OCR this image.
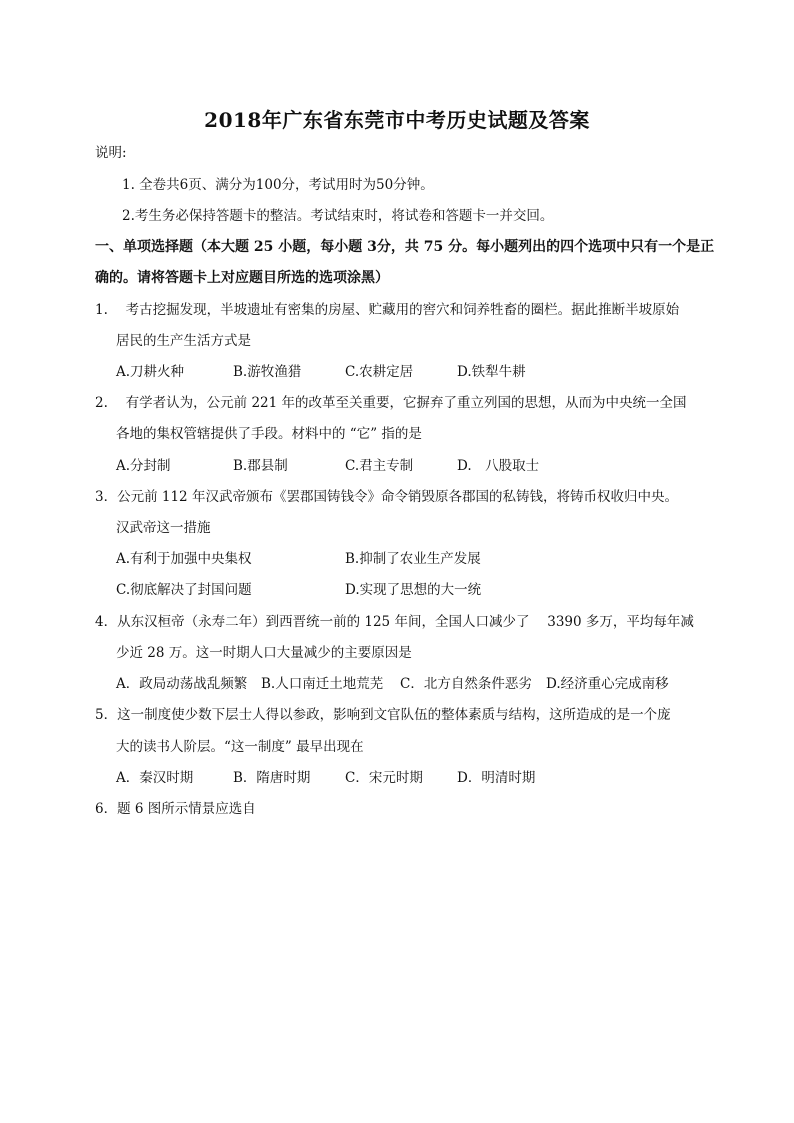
2018年广东省东莞市中考历史试题及答案
说明:
1. 全卷共6页、满分为100分，考试用时为50分钟。
2.考生务必保持答题卡的整洁。考试结束时，将试卷和答题卡一并交回。
一、单项选择题（本大题 25 小题，每小题 3分，共 75 分。每小题列出的四个选项中只有一个是正
确的。请将答题卡上对应题目所选的选项涂黑）
1.　 考古挖掘发现，半坡遗址有密集的房屋、贮藏用的窖穴和饲养牲畜的圈栏。据此推断半坡原始
居民的生产生活方式是
A.刀耕火种	B.游牧渔猎	C.农耕定居	D.铁犁牛耕
2.　 有学者认为，公元前 221 年的改革至关重要，它摒弃了重立列国的思想，从而为中央统一全国
各地的集权管辖提供了手段。材料中的 “它” 指的是
A.分封制	B.郡县制	C.君主专制	D.　八股取士
3．公元前 112 年汉武帝颁布《罢郡国铸钱令》命令销毁原各郡国的私铸钱，将铸币权收归中央。
汉武帝这一措施
A.有利于加强中央集权	B.抑制了农业生产发展
C.彻底解决了封国问题	D.实现了思想的大一统
4．从东汉桓帝（永寿二年）到西晋统一前的 125 年间，全国人口减少了　 3390 多万，平均每年减
少近 28 万。这一时期人口大量减少的主要原因是
A．政局动荡战乱频繁 B.人口南迁土地荒芜 C．北方自然条件恶劣 D.经济重心完成南移
5．这一制度使少数下层士人得以参政，影响到文官队伍的整体素质与结构，这所造成的是一个庞
大的读书人阶层。“这一制度” 最早出现在
A．秦汉时期	B．隋唐时期	C．宋元时期	D．明清时期
6．题 6 图所示情景应选自
